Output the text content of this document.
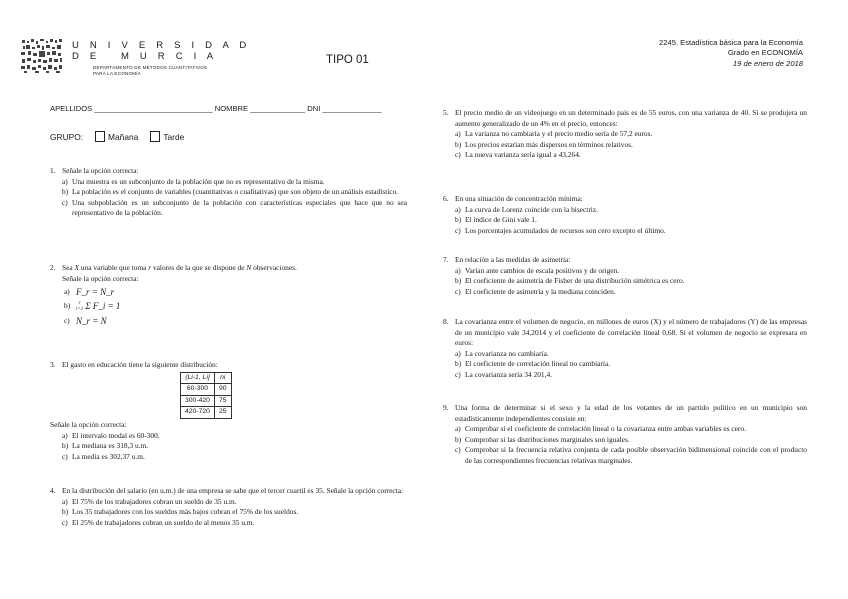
U N I V E R S I D A D
D E   M U R C I A
DEPARTAMENTO DE MÉTODOS CUANTITATIVOS
PARA LA ECONOMÍA
TIPO 01
2245. Estadística básica para la Economía
Grado en ECONOMÍA
19 de enero de 2018
APELLIDOS ____________________________ NOMBRE _____________ DNI ______________
GRUPO:	Mañana	Tarde
1. Señale la opción correcta:
a) Una muestra es un subconjunto de la población que no es representativo de la misma.
b) La población es el conjunto de variables (cuantitativas o cualitativas) que son objeto de un análisis estadístico.
c) Una subpoblación es un subconjunto de la población con características especiales que hace que no sea representativo de la población.
2. Sea X una variable que toma r valores de la que se dispone de N observaciones.
Señale la opción correcta:
a) F_r = N_r
b)	r
i=1 Σ F_i = 1
c) N_r = N
3. El gasto en educación tiene la siguiente distribución:
(Li-1, Li]	ni
60-300	90
300-420	75
420-720	25
Señale la opción correcta:
a) El intervalo modal es 60-300.
b) La mediana es 318,3 u.m.
c) La media es 302,37 u.m.
4. En la distribución del salario (en u.m.) de una empresa se sabe que el tercer cuartil es 35. Señale la opción correcta:
a) El 75% de los trabajadores cobran un sueldo de 35 u.m.
b) Los 35 trabajadores con los sueldos más bajos cobran el 75% de los sueldos.
c) El 25% de trabajadores cobran un sueldo de al menos 35 u.m.
5. El precio medio de un videojuego en un determinado país es de 55 euros, con una varianza de 40. Si se produjera un aumento generalizado de un 4% en el precio, entonces:
a) La varianza no cambiaría y el precio medio sería de 57,2 euros.
b) Los precios estarían más dispersos en términos relativos.
c) La nueva varianza sería igual a 43,264.
6. En una situación de concentración mínima:
a) La curva de Lorenz coincide con la bisectriz.
b) El índice de Gini vale 1.
c) Los porcentajes acumulados de recursos son cero excepto el último.
7. En relación a las medidas de asimetría:
a) Varían ante cambios de escala positivos y de origen.
b) El coeficiente de asimetría de Fisher de una distribución simétrica es cero.
c) El coeficiente de asimetría y la mediana coinciden.
8. La covarianza entre el volumen de negocio, en millones de euros (X) y el número de trabajadores (Y) de las empresas de un municipio vale 34,2014 y el coeficiente de correlación lineal 0,68. Si el volumen de negocio se expresara en euros:
a) La covarianza no cambiaría.
b) El coeficiente de correlación lineal no cambiaría.
c) La covarianza sería 34 201,4.
9. Una forma de determinar si el sexo y la edad de los votantes de un partido político en un municipio son estadísticamente independientes consiste en:
a) Comprobar si el coeficiente de correlación lineal o la covarianza entre ambas variables es cero.
b) Comprobar si las distribuciones marginales son iguales.
c) Comprobar si la frecuencia relativa conjunta de cada posible observación bidimensional coincide con el producto de las correspondientes frecuencias relativas marginales.
